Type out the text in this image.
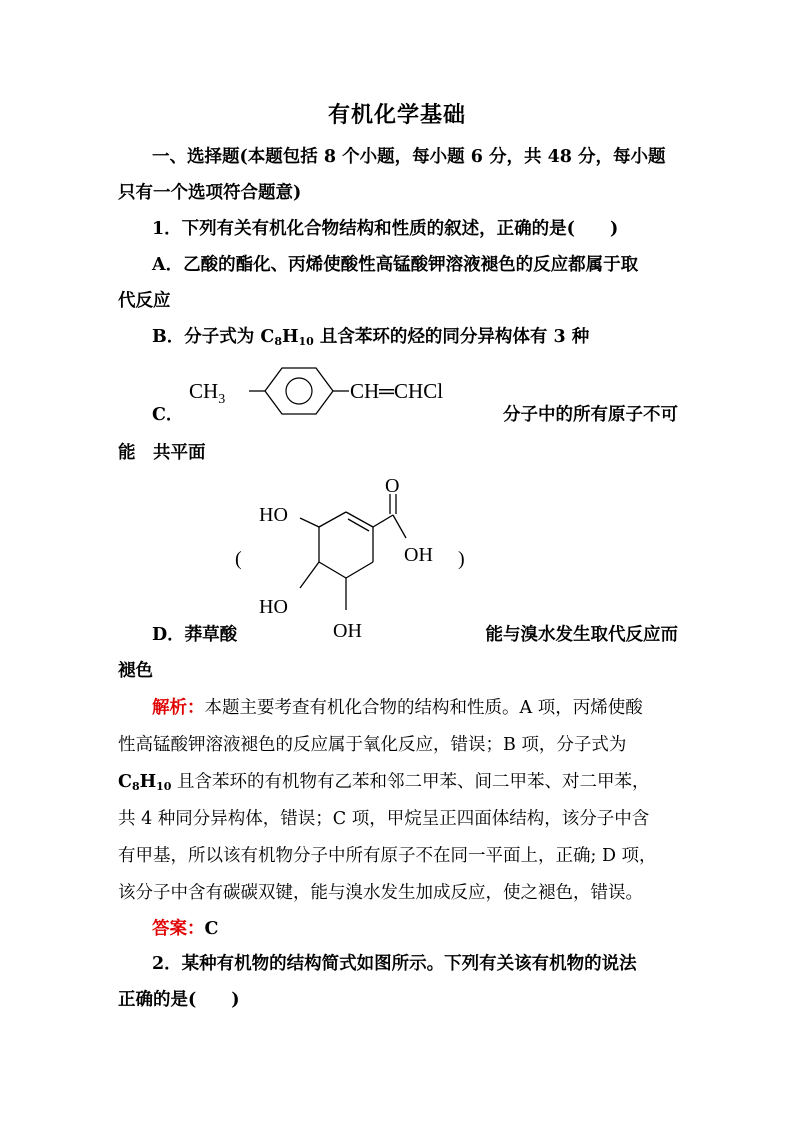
有机化学基础
一、选择题(本题包括 8 个小题，每小题 6 分，共 48 分，每小题
只有一个选项符合题意)
1．下列有关有机化合物结构和性质的叙述，正确的是(　　)
A．乙酸的酯化、丙烯使酸性高锰酸钾溶液褪色的反应都属于取
代反应
B．分子式为 $C_8H_{10}$ 且含苯环的烃的同分异构体有 3 种
$CH_3$	CH═CHCl
C．	分子中的所有原子不可
能　共平面
(	)
O
OH
HO
HO
OH
D．莽草酸	能与溴水发生取代反应而
褪色
解析：本题主要考查有机化合物的结构和性质。A 项，丙烯使酸
性高锰酸钾溶液褪色的反应属于氧化反应，错误；B 项，分子式为
$C_8H_{10}$ 且含苯环的有机物有乙苯和邻二甲苯、间二甲苯、对二甲苯，
共 4 种同分异构体，错误；C 项，甲烷呈正四面体结构，该分子中含
有甲基，所以该有机物分子中所有原子不在同一平面上，正确; D 项，
该分子中含有碳碳双键，能与溴水发生加成反应，使之褪色，错误。
答案：C
2．某种有机物的结构简式如图所示。下列有关该有机物的说法
正确的是(　　)
